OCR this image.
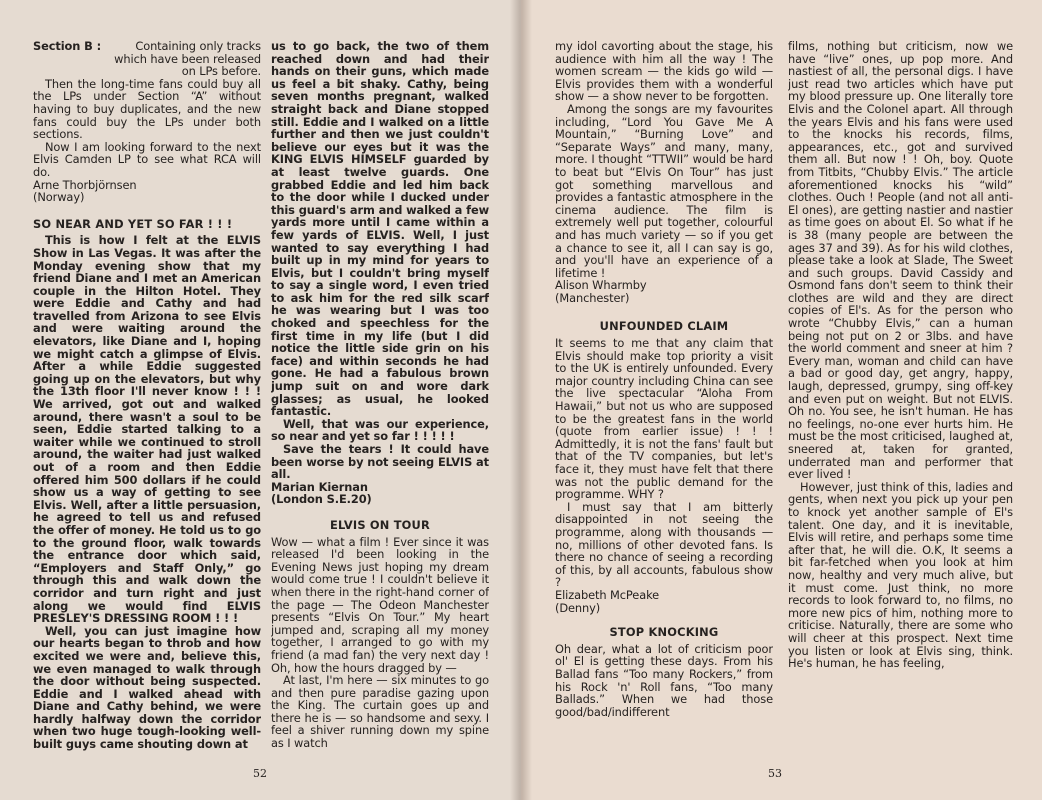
Section B :	Containing only tracks which have been released on LPs before.

Then the long-time fans could buy all the LPs under Section “A” without having to buy duplicates, and the new fans could buy the LPs under both sections.

Now I am looking forward to the next Elvis Camden LP to see what RCA will do.

Arne Thorbjörnsen

(Norway)

SO NEAR AND YET SO FAR ! ! !

This is how I felt at the ELVIS Show in Las Vegas. It was after the Monday evening show that my friend Diane and I met an American couple in the Hilton Hotel. They were Eddie and Cathy and had travelled from Arizona to see Elvis and were waiting around the elevators, like Diane and I, hoping we might catch a glimpse of Elvis. After a while Eddie suggested going up on the elevators, but why the 13th floor I'll never know ! ! ! We arrived, got out and walked around, there wasn't a soul to be seen, Eddie started talking to a waiter while we continued to stroll around, the waiter had just walked out of a room and then Eddie offered him 500 dollars if he could show us a way of getting to see Elvis. Well, after a little persuasion, he agreed to tell us and refused the offer of money. He told us to go to the ground floor, walk towards the entrance door which said, “Employers and Staff Only,” go through this and walk down the corridor and turn right and just along we would find ELVIS PRESLEY'S DRESSING ROOM ! ! !

Well, you can just imagine how our hearts began to throb and how excited we were and, believe this, we even managed to walk through the door without being suspected. Eddie and I walked ahead with Diane and Cathy behind, we were hardly halfway down the corridor when two huge tough-looking well-built guys came shouting down at

us to go back, the two of them reached down and had their hands on their guns, which made us feel a bit shaky. Cathy, being seven months pregnant, walked straight back and Diane stopped still. Eddie and I walked on a little further and then we just couldn't believe our eyes but it was the KING ELVIS HIMSELF guarded by at least twelve guards. One grabbed Eddie and led him back to the door while I ducked under this guard's arm and walked a few yards more until I came within a few yards of ELVIS. Well, I just wanted to say everything I had built up in my mind for years to Elvis, but I couldn't bring myself to say a single word, I even tried to ask him for the red silk scarf he was wearing but I was too choked and speechless for the first time in my life (but I did notice the little side grin on his face) and within seconds he had gone. He had a fabulous brown jump suit on and wore dark glasses; as usual, he looked fantastic.

Well, that was our experience, so near and yet so far ! ! ! ! !

Save the tears ! It could have been worse by not seeing ELVIS at all.

Marian Kiernan

(London S.E.20)

ELVIS ON TOUR

Wow — what a film ! Ever since it was released I'd been looking in the Evening News just hoping my dream would come true ! I couldn't believe it when there in the right-hand corner of the page — The Odeon Manchester presents “Elvis On Tour.” My heart jumped and, scraping all my money together, I arranged to go with my friend (a mad fan) the very next day ! Oh, how the hours dragged by —

At last, I'm here — six minutes to go and then pure paradise gazing upon the King. The curtain goes up and there he is — so handsome and sexy. I feel a shiver running down my spine as I watch

52	53

my idol cavorting about the stage, his audience with him all the way ! The women scream — the kids go wild — Elvis provides them with a wonderful show — a show never to be forgotten.

Among the songs are my favourites including, “Lord You Gave Me A Mountain,” “Burning Love” and “Separate Ways” and many, many, more. I thought “TTWII” would be hard to beat but “Elvis On Tour” has just got something marvellous and provides a fantastic atmosphere in the cinema audience. The film is extremely well put together, colourful and has much variety — so if you get a chance to see it, all I can say is go, and you'll have an experience of a lifetime !

Alison Wharmby

(Manchester)

UNFOUNDED CLAIM

It seems to me that any claim that Elvis should make top priority a visit to the UK is entirely unfounded. Every major country including China can see the live spectacular “Aloha From Hawaii,” but not us who are supposed to be the greatest fans in the world (quote from earlier issue) ! ! ! Admittedly, it is not the fans' fault but that of the TV companies, but let's face it, they must have felt that there was not the public demand for the programme. WHY ?

I must say that I am bitterly disappointed in not seeing the programme, along with thousands — no, millions of other devoted fans. Is there no chance of seeing a recording of this, by all accounts, fabulous show ?

Elizabeth McPeake

(Denny)

STOP KNOCKING

Oh dear, what a lot of criticism poor ol' El is getting these days. From his Ballad fans “Too many Rockers,” from his Rock 'n' Roll fans, “Too many Ballads.” When we had those good/bad/indifferent

films, nothing but criticism, now we have “live” ones, up pop more. And nastiest of all, the personal digs. I have just read two articles which have put my blood pressure up. One literally tore Elvis and the Colonel apart. All through the years Elvis and his fans were used to the knocks his records, films, appearances, etc., got and survived them all. But now ! ! Oh, boy. Quote from Titbits, “Chubby Elvis.” The article aforementioned knocks his “wild” clothes. Ouch ! People (and not all anti-El ones), are getting nastier and nastier as time goes on about El. So what if he is 38 (many people are between the ages 37 and 39). As for his wild clothes, please take a look at Slade, The Sweet and such groups. David Cassidy and Osmond fans don't seem to think their clothes are wild and they are direct copies of El's. As for the person who wrote “Chubby Elvis,” can a human being not put on 2 or 3lbs. and have the world comment and sneer at him ? Every man, woman and child can have a bad or good day, get angry, happy, laugh, depressed, grumpy, sing off-key and even put on weight. But not ELVIS. Oh no. You see, he isn't human. He has no feelings, no-one ever hurts him. He must be the most criticised, laughed at, sneered at, taken for granted, underrated man and performer that ever lived !

However, just think of this, ladies and gents, when next you pick up your pen to knock yet another sample of El's talent. One day, and it is inevitable, Elvis will retire, and perhaps some time after that, he will die. O.K, It seems a bit far-fetched when you look at him now, healthy and very much alive, but it must come. Just think, no more records to look forward to, no films, no more new pics of him, nothing more to criticise. Naturally, there are some who will cheer at this prospect. Next time you listen or look at Elvis sing, think. He's human, he has feeling,
